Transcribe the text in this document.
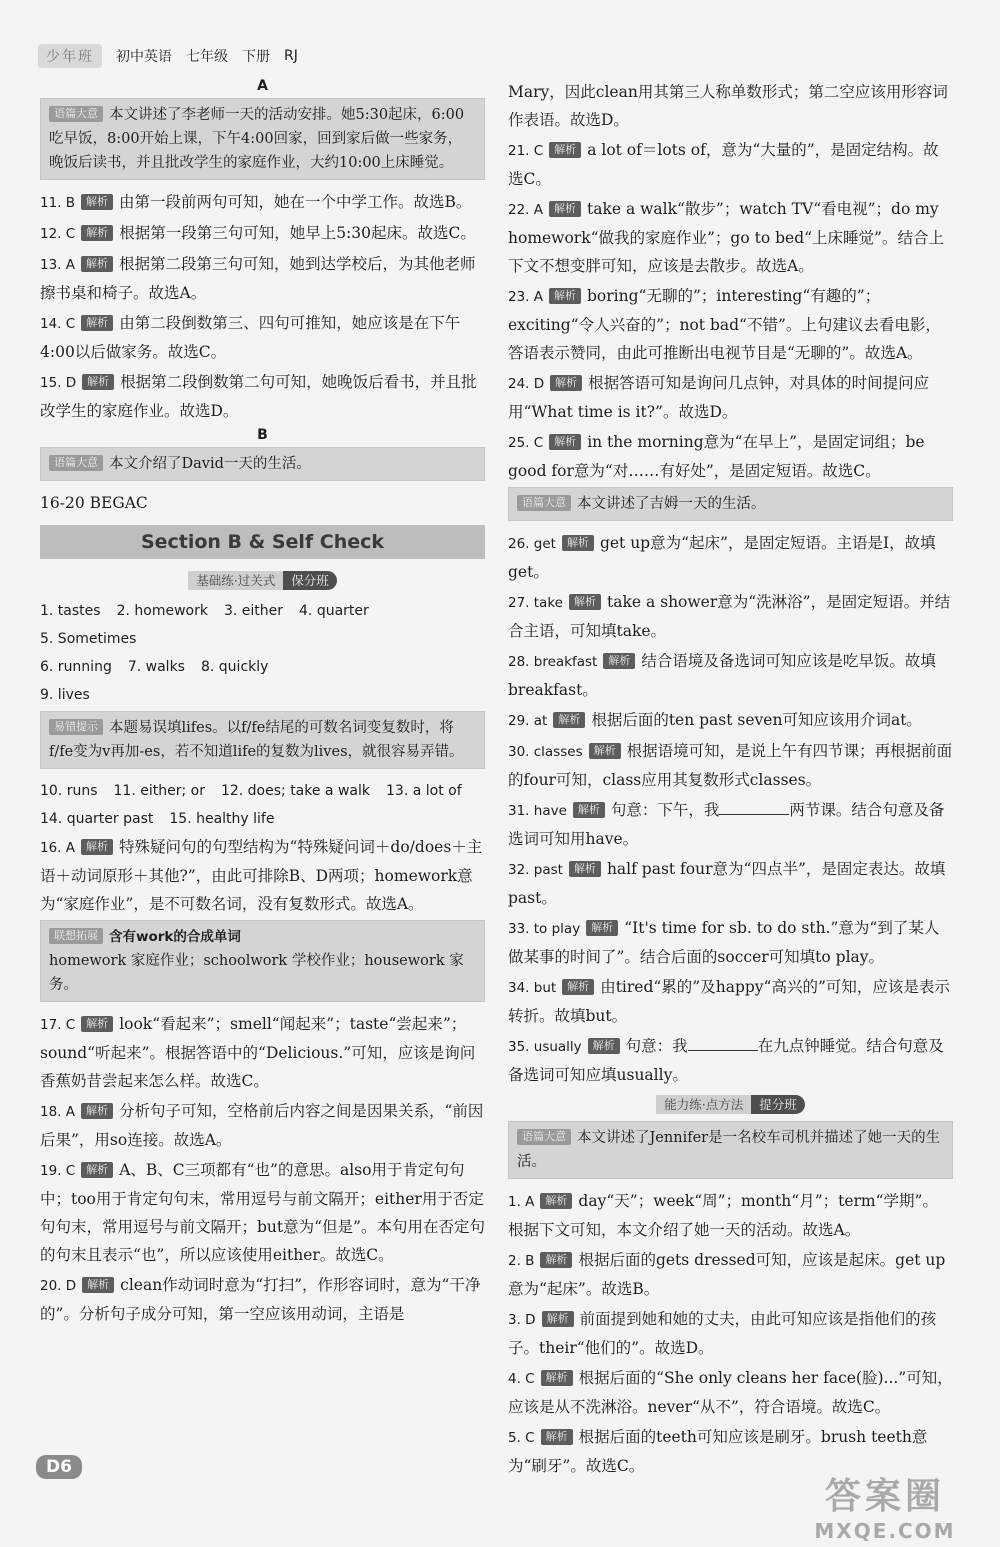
少年班	初中英语 七年级 下册 RJ
A
语篇大意 本文讲述了李老师一天的活动安排。她5:30起床，6:00吃早饭，8:00开始上课，下午4:00回家，回到家后做一些家务，晚饭后读书，并且批改学生的家庭作业，大约10:00上床睡觉。
11. B 解析 由第一段前两句可知，她在一个中学工作。故选B。
12. C 解析 根据第一段第三句可知，她早上5:30起床。故选C。
13. A 解析 根据第二段第三句可知，她到达学校后，为其他老师擦书桌和椅子。故选A。
14. C 解析 由第二段倒数第三、四句可推知，她应该是在下午4:00以后做家务。故选C。
15. D 解析 根据第二段倒数第二句可知，她晚饭后看书，并且批改学生的家庭作业。故选D。
B
语篇大意 本文介绍了David一天的生活。
16-20 BEGAC
Section B & Self Check
基础练·过关式 保分班
1. tastes 2. homework 3. either 4. quarter5. Sometimes
6. running 7. walks 8. quickly
9. lives
易错提示 本题易误填lifes。以f/fe结尾的可数名词变复数时，将f/fe变为v再加-es，若不知道life的复数为lives，就很容易弄错。
10. runs 11. either; or 12. does; take a walk 13. a lot of
14. quarter past 15. healthy life
16. A 解析 特殊疑问句的句型结构为“特殊疑问词＋do/does＋主语＋动词原形＋其他?”，由此可排除B、D两项；homework意为“家庭作业”，是不可数名词，没有复数形式。故选A。
联想拓展 含有work的合成单词
homework 家庭作业；schoolwork 学校作业；housework 家务。
17. C 解析 look“看起来”；smell“闻起来”；taste“尝起来”；sound“听起来”。根据答语中的“Delicious.”可知，应该是询问香蕉奶昔尝起来怎么样。故选C。
18. A 解析 分析句子可知，空格前后内容之间是因果关系，“前因后果”，用so连接。故选A。
19. C 解析 A、B、C三项都有“也”的意思。also用于肯定句句中；too用于肯定句句末，常用逗号与前文隔开；either用于否定句句末，常用逗号与前文隔开；but意为“但是”。本句用在否定句的句末且表示“也”，所以应该使用either。故选C。
20. D 解析 clean作动词时意为“打扫”，作形容词时，意为“干净的”。分析句子成分可知，第一空应该用动词，主语是
Mary，因此clean用其第三人称单数形式；第二空应该用形容词作表语。故选D。
21. C 解析 a lot of＝lots of，意为“大量的”，是固定结构。故选C。
22. A 解析 take a walk“散步”；watch TV“看电视”；do my homework“做我的家庭作业”；go to bed“上床睡觉”。结合上下文不想变胖可知，应该是去散步。故选A。
23. A 解析 boring“无聊的”；interesting“有趣的”；exciting“令人兴奋的”；not bad“不错”。上句建议去看电影，答语表示赞同，由此可推断出电视节目是“无聊的”。故选A。
24. D 解析 根据答语可知是询问几点钟，对具体的时间提问应用“What time is it?”。故选D。
25. C 解析 in the morning意为“在早上”，是固定词组；be good for意为“对……有好处”，是固定短语。故选C。
语篇大意 本文讲述了吉姆一天的生活。
26. get 解析 get up意为“起床”，是固定短语。主语是I，故填get。
27. take 解析 take a shower意为“洗淋浴”，是固定短语。并结合主语，可知填take。
28. breakfast 解析 结合语境及备选词可知应该是吃早饭。故填breakfast。
29. at 解析 根据后面的ten past seven可知应该用介词at。
30. classes 解析 根据语境可知，是说上午有四节课；再根据前面的four可知，class应用其复数形式classes。
31. have 解析 句意：下午，我	两节课。结合句意及备选词可知用have。
32. past 解析 half past four意为“四点半”，是固定表达。故填past。
33. to play 解析 “It's time for sb. to do sth.”意为“到了某人做某事的时间了”。结合后面的soccer可知填to play。
34. but 解析 由tired“累的”及happy“高兴的”可知，应该是表示转折。故填but。
35. usually 解析 句意：我	在九点钟睡觉。结合句意及备选词可知应填usually。
能力练·点方法 提分班
语篇大意 本文讲述了Jennifer是一名校车司机并描述了她一天的生活。
1. A 解析 day“天”；week“周”；month“月”；term“学期”。根据下文可知，本文介绍了她一天的活动。故选A。
2. B 解析 根据后面的gets dressed可知，应该是起床。get up意为“起床”。故选B。
3. D 解析 前面提到她和她的丈夫，由此可知应该是指他们的孩子。their“他们的”。故选D。
4. C 解析 根据后面的“She only cleans her face(脸)...”可知，应该是从不洗淋浴。never“从不”，符合语境。故选C。
5. C 解析 根据后面的teeth可知应该是刷牙。brush teeth意为“刷牙”。故选C。
D6
答案圈
MXQE.COM
